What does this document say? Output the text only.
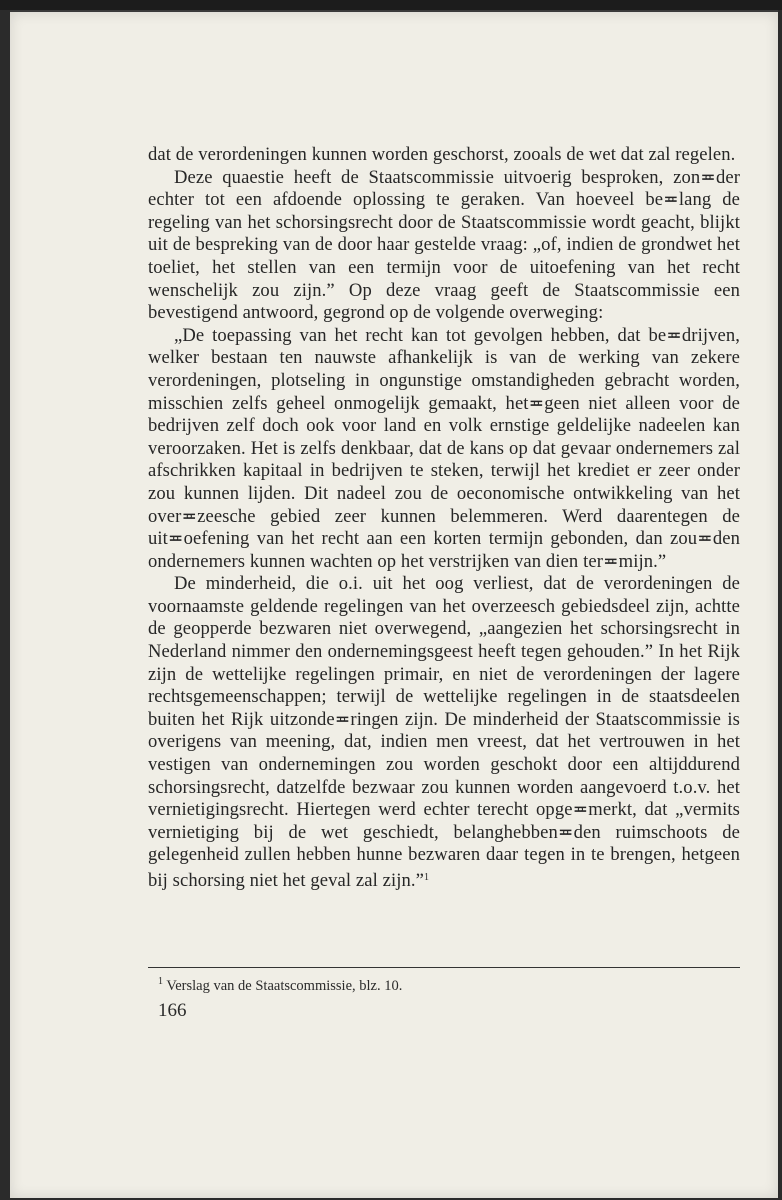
dat de verordeningen kunnen worden geschorst, zooals de wet dat zal regelen.

Deze quaestie heeft de Staatscommissie uitvoerig besproken, zon≖der echter tot een afdoende oplossing te geraken. Van hoeveel be≖lang de regeling van het schorsingsrecht door de Staatscommissie wordt geacht, blijkt uit de bespreking van de door haar gestelde vraag: „of, indien de grondwet het toeliet, het stellen van een termijn voor de uitoefening van het recht wenschelijk zou zijn.” Op deze vraag geeft de Staatscommissie een bevestigend antwoord, gegrond op de volgende overweging:

„De toepassing van het recht kan tot gevolgen hebben, dat be≖drijven, welker bestaan ten nauwste afhankelijk is van de werking van zekere verordeningen, plotseling in ongunstige omstandigheden gebracht worden, misschien zelfs geheel onmogelijk gemaakt, het≖geen niet alleen voor de bedrijven zelf doch ook voor land en volk ernstige geldelijke nadeelen kan veroorzaken. Het is zelfs denkbaar, dat de kans op dat gevaar ondernemers zal afschrikken kapitaal in bedrijven te steken, terwijl het krediet er zeer onder zou kunnen lijden. Dit nadeel zou de oeconomische ontwikkeling van het over≖zeesche gebied zeer kunnen belemmeren. Werd daarentegen de uit≖oefening van het recht aan een korten termijn gebonden, dan zou≖den ondernemers kunnen wachten op het verstrijken van dien ter≖mijn.”

De minderheid, die o.i. uit het oog verliest, dat de verordeningen de voornaamste geldende regelingen van het overzeesch gebiedsdeel zijn, achtte de geopperde bezwaren niet overwegend, „aangezien het schorsingsrecht in Nederland nimmer den ondernemingsgeest heeft tegen gehouden.” In het Rijk zijn de wettelijke regelingen primair, en niet de verordeningen der lagere rechtsgemeenschappen; terwijl de wettelijke regelingen in de staatsdeelen buiten het Rijk uitzonde≖ringen zijn. De minderheid der Staatscommissie is overigens van meening, dat, indien men vreest, dat het vertrouwen in het vestigen van ondernemingen zou worden geschokt door een altijddurend schorsingsrecht, datzelfde bezwaar zou kunnen worden aangevoerd t.o.v. het vernietigingsrecht. Hiertegen werd echter terecht opge≖merkt, dat „vermits vernietiging bij de wet geschiedt, belanghebben≖den ruimschoots de gelegenheid zullen hebben hunne bezwaren daar tegen in te brengen, hetgeen bij schorsing niet het geval zal zijn.”$^1$

$^1$ Verslag van de Staatscommissie, blz. 10.
166
